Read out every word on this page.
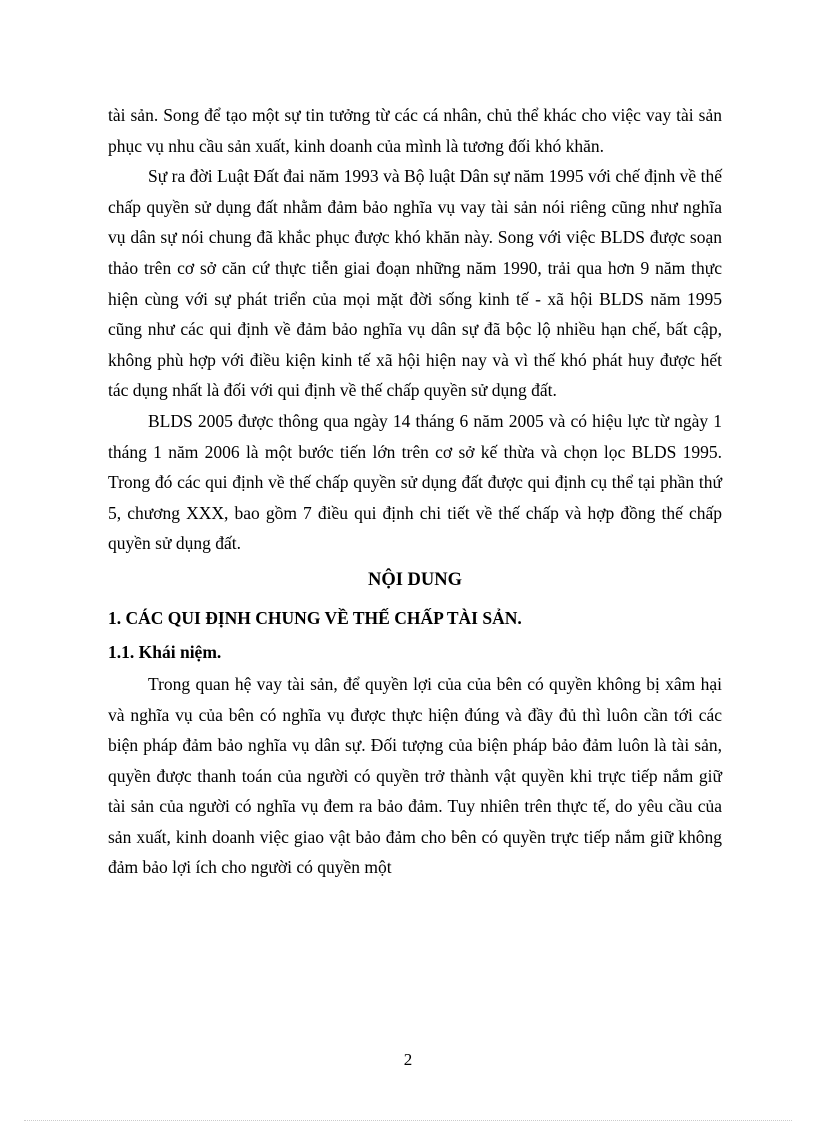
tài sản. Song để tạo một sự tin tưởng từ các cá nhân, chủ thể khác cho việc vay tài sản phục vụ nhu cầu sản xuất, kinh doanh của mình là tương đối khó khăn.

Sự ra đời Luật Đất đai năm 1993 và Bộ luật Dân sự năm 1995 với chế định về thế chấp quyền sử dụng đất nhằm đảm bảo nghĩa vụ vay tài sản nói riêng cũng như nghĩa vụ dân sự nói chung đã khắc phục được khó khăn này. Song với việc BLDS được soạn thảo trên cơ sở căn cứ thực tiễn giai đoạn những năm 1990, trải qua hơn 9 năm thực hiện cùng với sự phát triển của mọi mặt đời sống kinh tế - xã hội BLDS năm 1995 cũng như các qui định về đảm bảo nghĩa vụ dân sự đã bộc lộ nhiều hạn chế, bất cập, không phù hợp với điều kiện kinh tế xã hội hiện nay và vì thế khó phát huy được hết tác dụng nhất là đối với qui định về thế chấp quyền sử dụng đất.

BLDS 2005 được thông qua ngày 14 tháng 6 năm 2005 và có hiệu lực từ ngày 1 tháng 1 năm 2006 là một bước tiến lớn trên cơ sở kế thừa và chọn lọc BLDS 1995. Trong đó các qui định về thế chấp quyền sử dụng đất được qui định cụ thể tại phần thứ 5, chương XXX, bao gồm 7 điều qui định chi tiết về thế chấp và hợp đồng thế chấp quyền sử dụng đất.

NỘI DUNG
1. CÁC QUI ĐỊNH CHUNG VỀ THẾ CHẤP TÀI SẢN.
1.1. Khái niệm.

Trong quan hệ vay tài sản, để quyền lợi của của bên có quyền không bị xâm hại và nghĩa vụ của bên có nghĩa vụ được thực hiện đúng và đầy đủ thì luôn cần tới các biện pháp đảm bảo nghĩa vụ dân sự. Đối tượng của biện pháp bảo đảm luôn là tài sản, quyền được thanh toán của người có quyền trở thành vật quyền khi trực tiếp nắm giữ tài sản của người có nghĩa vụ đem ra bảo đảm. Tuy nhiên trên thực tế, do yêu cầu của sản xuất, kinh doanh việc giao vật bảo đảm cho bên có quyền trực tiếp nắm giữ không đảm bảo lợi ích cho người có quyền một

2
